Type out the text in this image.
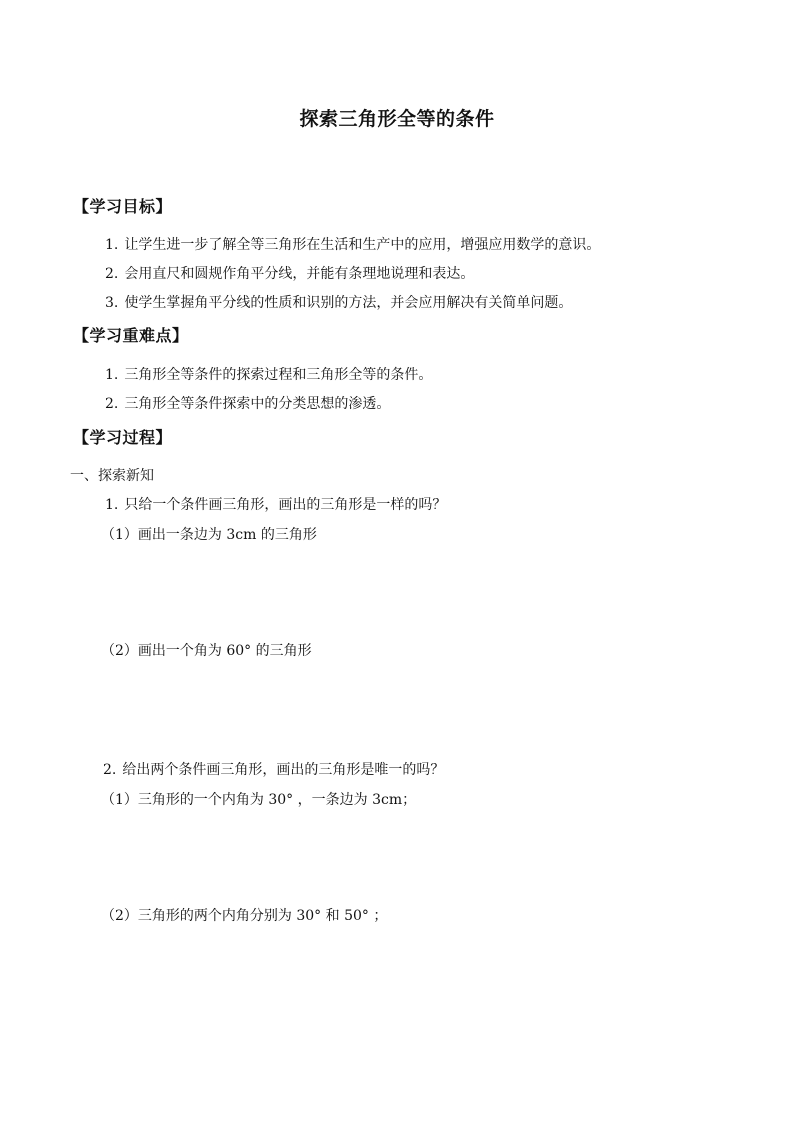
探索三角形全等的条件
【学习目标】
1. 让学生进一步了解全等三角形在生活和生产中的应用，增强应用数学的意识。
2. 会用直尺和圆规作角平分线，并能有条理地说理和表达。
3. 使学生掌握角平分线的性质和识别的方法，并会应用解决有关简单问题。
【学习重难点】
1. 三角形全等条件的探索过程和三角形全等的条件。
2. 三角形全等条件探索中的分类思想的渗透。
【学习过程】
一、探索新知
1. 只给一个条件画三角形，画出的三角形是一样的吗？
（1）画出一条边为 3cm 的三角形
（2）画出一个角为 60° 的三角形
2. 给出两个条件画三角形，画出的三角形是唯一的吗？
（1）三角形的一个内角为 30° ，一条边为 3cm；
（2）三角形的两个内角分别为 30° 和 50° ；
